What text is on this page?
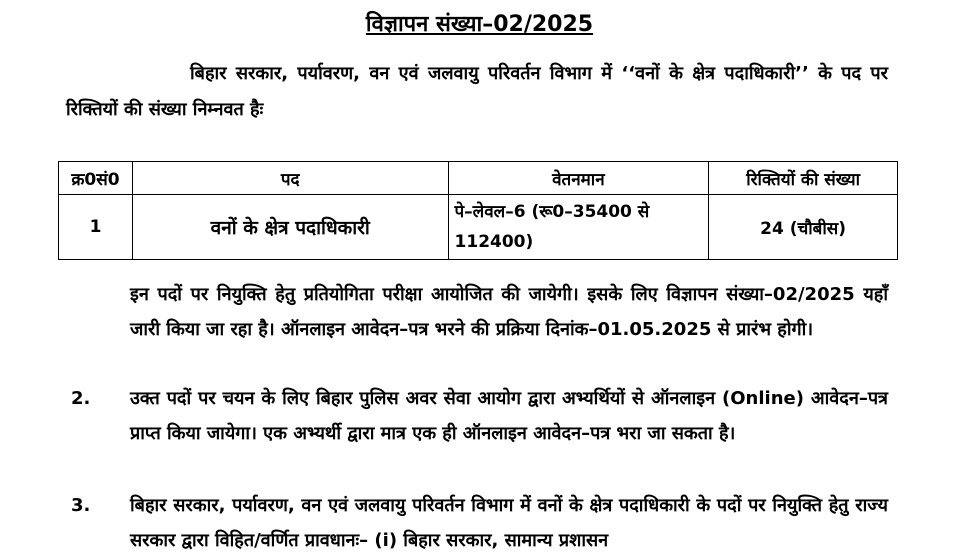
विज्ञापन संख्या–02/2025
बिहार सरकार, पर्यावरण, वन एवं जलवायु परिवर्तन विभाग में ‘‘वनों के क्षेत्र पदाधिकारी’’ के पद पर रिक्तियों की संख्या निम्नवत हैः
क्र0सं0	पद	वेतनमान	रिक्तियों की संख्या
1	वनों के क्षेत्र पदाधिकारी	पे–लेवल–6 (रू0–35400 से 112400)	24 (चौबीस)
इन पदों पर नियुक्ति हेतु प्रतियोगिता परीक्षा आयोजित की जायेगी। इसके लिए विज्ञापन संख्या–02/2025 यहाँ जारी किया जा रहा है। ऑनलाइन आवेदन–पत्र भरने की प्रक्रिया दिनांक–01.05.2025 से प्रारंभ होगी।
2. उक्त पदों पर चयन के लिए बिहार पुलिस अवर सेवा आयोग द्वारा अभ्यर्थियों से ऑनलाइन (Online) आवेदन–पत्र प्राप्त किया जायेगा। एक अभ्यर्थी द्वारा मात्र एक ही ऑनलाइन आवेदन–पत्र भरा जा सकता है।
3. बिहार सरकार, पर्यावरण, वन एवं जलवायु परिवर्तन विभाग में वनों के क्षेत्र पदाधिकारी के पदों पर नियुक्ति हेतु राज्य सरकार द्वारा विहित/वर्णित प्रावधानः– (i) बिहार सरकार, सामान्य प्रशासन
